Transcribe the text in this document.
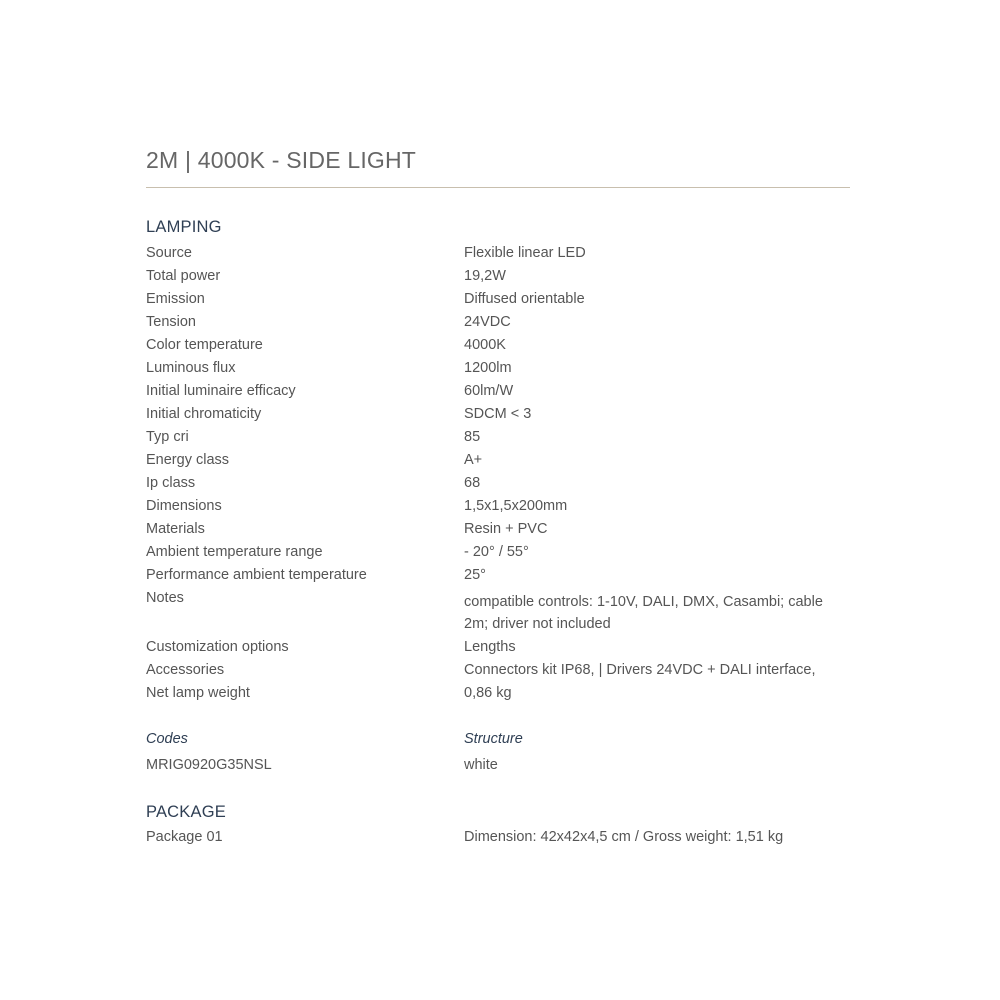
2M | 4000K - SIDE LIGHT
LAMPING
Source	Flexible linear LED
Total power	19,2W
Emission	Diffused orientable
Tension	24VDC
Color temperature	4000K
Luminous flux	1200lm
Initial luminaire efficacy	60lm/W
Initial chromaticity	SDCM < 3
Typ cri	85
Energy class	A+
Ip class	68
Dimensions	1,5x1,5x200mm
Materials	Resin + PVC
Ambient temperature range	- 20° / 55°
Performance ambient temperature	25°
Notes	compatible controls: 1-10V, DALI, DMX, Casambi; cable 2m; driver not included
Customization options	Lengths
Accessories	Connectors kit IP68, | Drivers 24VDC + DALI interface,
Net lamp weight	0,86 kg
Codes	Structure
MRIG0920G35NSL	white
PACKAGE
Package 01	Dimension: 42x42x4,5 cm / Gross weight: 1,51 kg
